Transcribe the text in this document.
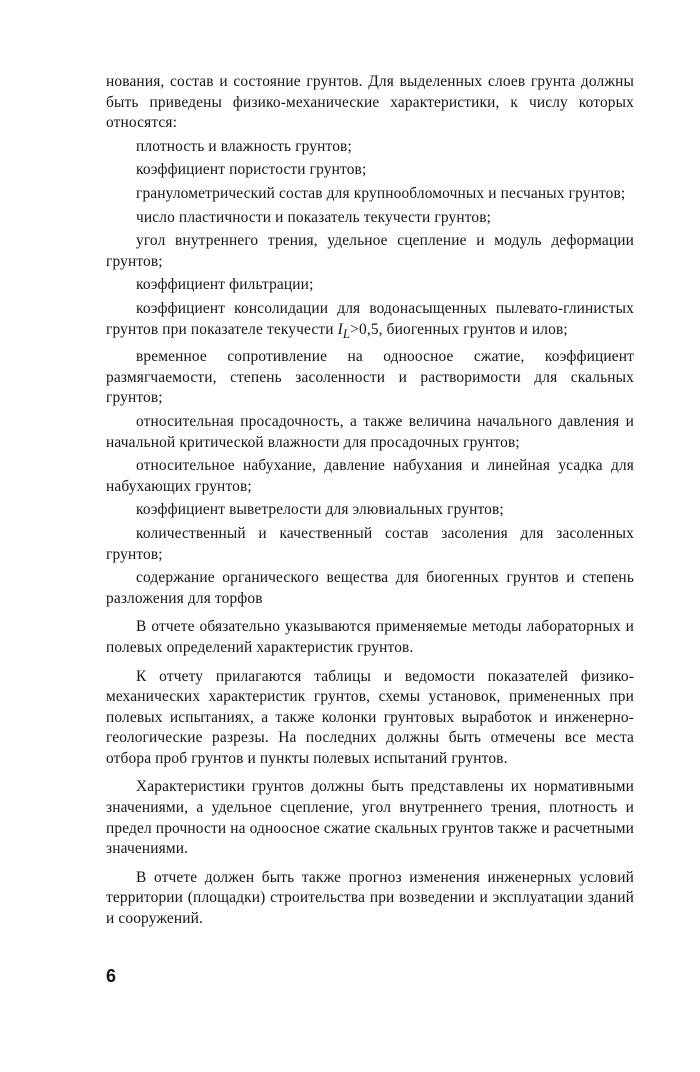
нования, состав и состояние грунтов. Для выделенных слоев грунта должны быть приведены физико-механические характеристики, к числу которых относятся:

плотность и влажность грунтов;

коэффициент пористости грунтов;

гранулометрический состав для крупнообломочных и песчаных грунтов;

число пластичности и показатель текучести грунтов;

угол внутреннего трения, удельное сцепление и модуль деформации грунтов;

коэффициент фильтрации;

коэффициент консолидации для водонасыщенных пылевато-глинистых грунтов при показателе текучести $I_L>0,5$, биогенных грунтов и илов;

временное сопротивление на одноосное сжатие, коэффициент размягчаемости, степень засоленности и растворимости для скальных грунтов;

относительная просадочность, а также величина начального давления и начальной критической влажности для просадочных грунтов;

относительное набухание, давление набухания и линейная усадка для набухающих грунтов;

коэффициент выветрелости для элювиальных грунтов;

количественный и качественный состав засоления для засоленных грунтов;

содержание органического вещества для биогенных грунтов и степень разложения для торфов

В отчете обязательно указываются применяемые методы лабораторных и полевых определений характеристик грунтов.

К отчету прилагаются таблицы и ведомости показателей физико-механических характеристик грунтов, схемы установок, примененных при полевых испытаниях, а также колонки грунтовых выработок и инженерно-геологические разрезы. На последних должны быть отмечены все места отбора проб грунтов и пункты полевых испытаний грунтов.

Характеристики грунтов должны быть представлены их нормативными значениями, а удельное сцепление, угол внутреннего трения, плотность и предел прочности на одноосное сжатие скальных грунтов также и расчетными значениями.

В отчете должен быть также прогноз изменения инженерных условий территории (площадки) строительства при возведении и эксплуатации зданий и сооружений.

6
